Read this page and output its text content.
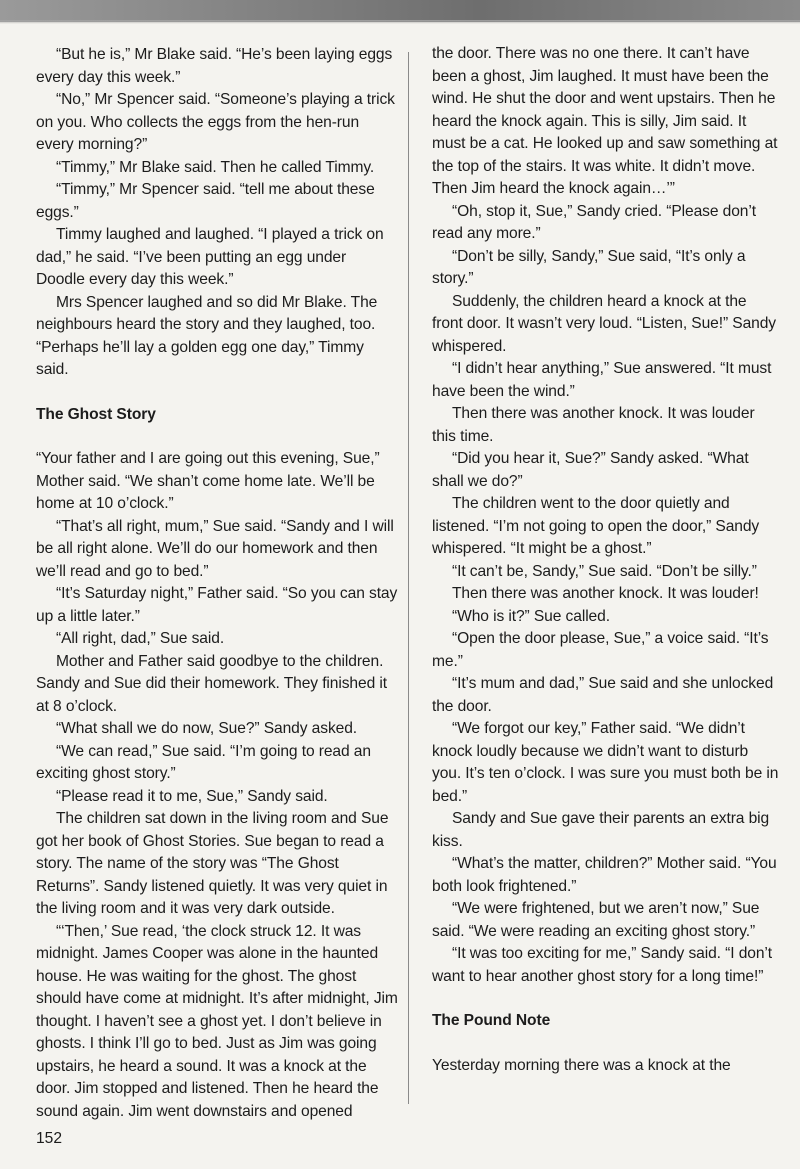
“But he is,” Mr Blake said. “He’s been laying eggs every day this week.”

“No,” Mr Spencer said. “Someone’s playing a trick on you. Who collects the eggs from the hen-run every morning?”

“Timmy,” Mr Blake said. Then he called Timmy.

“Timmy,” Mr Spencer said. “tell me about these eggs.”

Timmy laughed and laughed. “I played a trick on dad,” he said. “I’ve been putting an egg under Doodle every day this week.”

Mrs Spencer laughed and so did Mr Blake. The neighbours heard the story and they laughed, too. “Perhaps he’ll lay a golden egg one day,” Timmy said.

The Ghost Story

“Your father and I are going out this evening, Sue,” Mother said. “We shan’t come home late. We’ll be home at 10 o’clock.”

“That’s all right, mum,” Sue said. “Sandy and I will be all right alone. We’ll do our homework and then we’ll read and go to bed.”

“It’s Saturday night,” Father said. “So you can stay up a little later.”

“All right, dad,” Sue said.

Mother and Father said goodbye to the children. Sandy and Sue did their homework. They finished it at 8 o’clock.

“What shall we do now, Sue?” Sandy asked.

“We can read,” Sue said. “I’m going to read an exciting ghost story.”

“Please read it to me, Sue,” Sandy said.

The children sat down in the living room and Sue got her book of Ghost Stories. Sue began to read a story. The name of the story was “The Ghost Returns”. Sandy listened quietly. It was very quiet in the living room and it was very dark outside.

“‘Then,’ Sue read, ‘the clock struck 12. It was midnight. James Cooper was alone in the haunted house. He was waiting for the ghost. The ghost should have come at midnight. It’s after midnight, Jim thought. I haven’t see a ghost yet. I don’t believe in ghosts. I think I’ll go to bed. Just as Jim was going upstairs, he heard a sound. It was a knock at the door. Jim stopped and listened. Then he heard the sound again. Jim went downstairs and opened

the door. There was no one there. It can’t have been a ghost, Jim laughed. It must have been the wind. He shut the door and went upstairs. Then he heard the knock again. This is silly, Jim said. It must be a cat. He looked up and saw something at the top of the stairs. It was white. It didn’t move. Then Jim heard the knock again…’”

“Oh, stop it, Sue,” Sandy cried. “Please don’t read any more.”

“Don’t be silly, Sandy,” Sue said, “It’s only a story.”

Suddenly, the children heard a knock at the front door. It wasn’t very loud. “Listen, Sue!” Sandy whispered.

“I didn’t hear anything,” Sue answered. “It must have been the wind.”

Then there was another knock. It was louder this time.

“Did you hear it, Sue?” Sandy asked. “What shall we do?”

The children went to the door quietly and listened. “I’m not going to open the door,” Sandy whispered. “It might be a ghost.”

“It can’t be, Sandy,” Sue said. “Don’t be silly.”

Then there was another knock. It was louder!

“Who is it?” Sue called.

“Open the door please, Sue,” a voice said. “It’s me.”

“It’s mum and dad,” Sue said and she unlocked the door.

“We forgot our key,” Father said. “We didn’t knock loudly because we didn’t want to disturb you. It’s ten o’clock. I was sure you must both be in bed.”

Sandy and Sue gave their parents an extra big kiss.

“What’s the matter, children?” Mother said. “You both look frightened.”

“We were frightened, but we aren’t now,” Sue said. “We were reading an exciting ghost story.”

“It was too exciting for me,” Sandy said. “I don’t want to hear another ghost story for a long time!”

The Pound Note

Yesterday morning there was a knock at the

152
